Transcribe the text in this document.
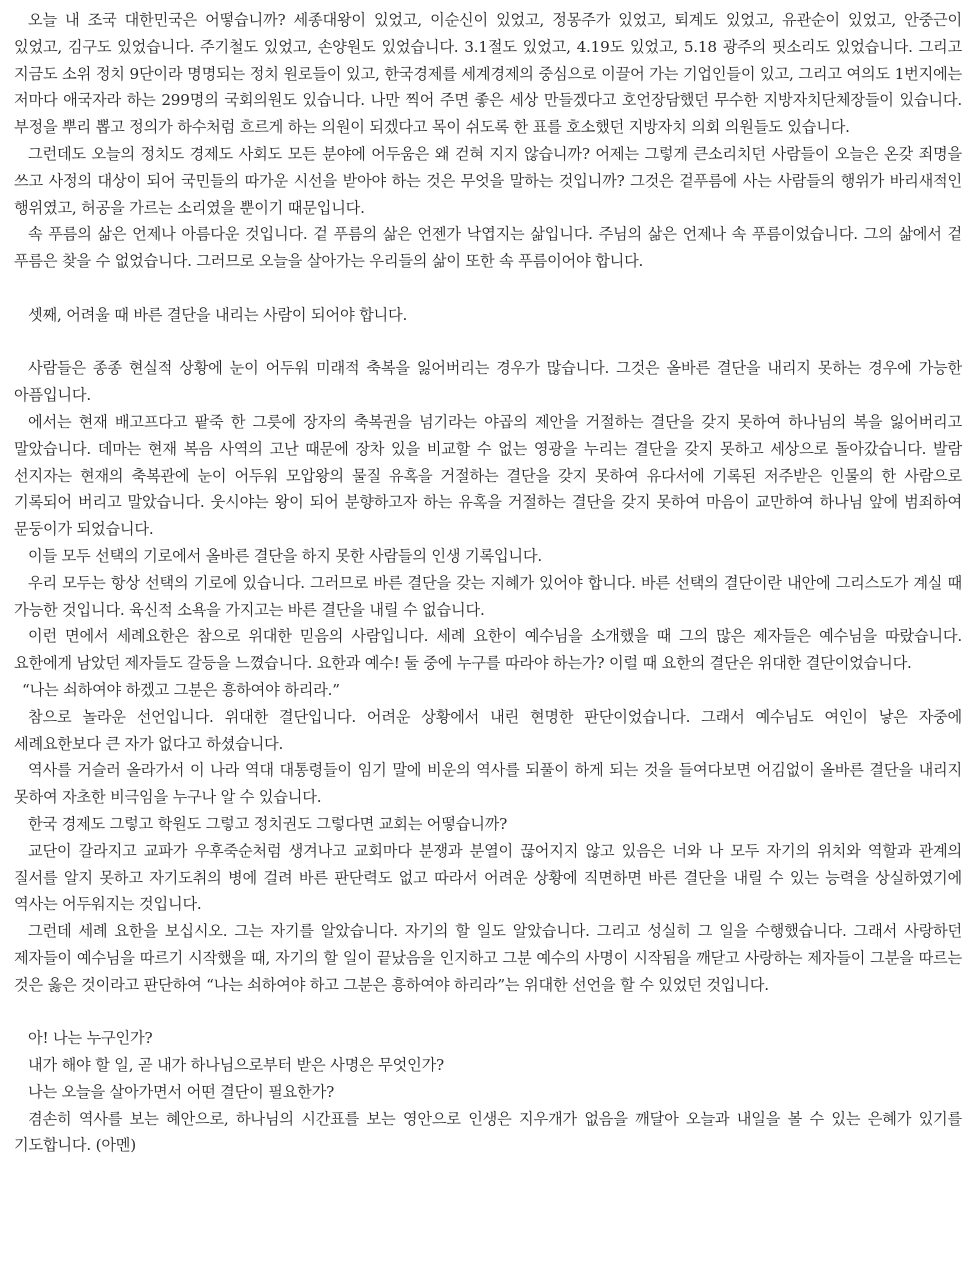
오늘 내 조국 대한민국은 어떻습니까? 세종대왕이 있었고, 이순신이 있었고, 정몽주가 있었고, 퇴계도 있었고, 유관순이 있었고, 안중근이 있었고, 김구도 있었습니다. 주기철도 있었고, 손양원도 있었습니다. 3.1절도 있었고, 4.19도 있었고, 5.18 광주의 핏소리도 있었습니다. 그리고 지금도 소위 정치 9단이라 명명되는 정치 원로들이 있고, 한국경제를 세계경제의 중심으로 이끌어 가는 기업인들이 있고, 그리고 여의도 1번지에는 저마다 애국자라 하는 299명의 국회의원도 있습니다. 나만 찍어 주면 좋은 세상 만들겠다고 호언장담했던 무수한 지방자치단체장들이 있습니다. 부정을 뿌리 뽑고 정의가 하수처럼 흐르게 하는 의원이 되겠다고 목이 쉬도록 한 표를 호소했던 지방자치 의회 의원들도 있습니다.

그런데도 오늘의 정치도 경제도 사회도 모든 분야에 어두움은 왜 걷혀 지지 않습니까? 어제는 그렇게 큰소리치던 사람들이 오늘은 온갖 죄명을 쓰고 사정의 대상이 되어 국민들의 따가운 시선을 받아야 하는 것은 무엇을 말하는 것입니까? 그것은 겉푸름에 사는 사람들의 행위가 바리새적인 행위였고, 허공을 가르는 소리였을 뿐이기 때문입니다.

속 푸름의 삶은 언제나 아름다운 것입니다. 겉 푸름의 삶은 언젠가 낙엽지는 삶입니다. 주님의 삶은 언제나 속 푸름이었습니다. 그의 삶에서 겉 푸름은 찾을 수 없었습니다. 그러므로 오늘을 살아가는 우리들의 삶이 또한 속 푸름이어야 합니다.

셋째, 어려울 때 바른 결단을 내리는 사람이 되어야 합니다.

사람들은 종종 현실적 상황에 눈이 어두워 미래적 축복을 잃어버리는 경우가 많습니다. 그것은 올바른 결단을 내리지 못하는 경우에 가능한 아픔입니다.

에서는 현재 배고프다고 팥죽 한 그릇에 장자의 축복권을 넘기라는 야곱의 제안을 거절하는 결단을 갖지 못하여 하나님의 복을 잃어버리고 말았습니다. 데마는 현재 복음 사역의 고난 때문에 장차 있을 비교할 수 없는 영광을 누리는 결단을 갖지 못하고 세상으로 돌아갔습니다. 발람 선지자는 현재의 축복관에 눈이 어두워 모압왕의 물질 유혹을 거절하는 결단을 갖지 못하여 유다서에 기록된 저주받은 인물의 한 사람으로 기록되어 버리고 말았습니다. 웃시야는 왕이 되어 분향하고자 하는 유혹을 거절하는 결단을 갖지 못하여 마음이 교만하여 하나님 앞에 범죄하여 문둥이가 되었습니다.

이들 모두 선택의 기로에서 올바른 결단을 하지 못한 사람들의 인생 기록입니다.

우리 모두는 항상 선택의 기로에 있습니다. 그러므로 바른 결단을 갖는 지혜가 있어야 합니다. 바른 선택의 결단이란 내안에 그리스도가 계실 때 가능한 것입니다. 육신적 소욕을 가지고는 바른 결단을 내릴 수 없습니다.

이런 면에서 세례요한은 참으로 위대한 믿음의 사람입니다. 세례 요한이 예수님을 소개했을 때 그의 많은 제자들은 예수님을 따랐습니다. 요한에게 남았던 제자들도 갈등을 느꼈습니다. 요한과 예수! 둘 중에 누구를 따라야 하는가? 이럴 때 요한의 결단은 위대한 결단이었습니다.

“나는 쇠하여야 하겠고 그분은 흥하여야 하리라.”

참으로 놀라운 선언입니다. 위대한 결단입니다. 어려운 상황에서 내린 현명한 판단이었습니다. 그래서 예수님도 여인이 낳은 자중에 세례요한보다 큰 자가 없다고 하셨습니다.

역사를 거슬러 올라가서 이 나라 역대 대통령들이 임기 말에 비운의 역사를 되풀이 하게 되는 것을 들여다보면 어김없이 올바른 결단을 내리지 못하여 자초한 비극임을 누구나 알 수 있습니다.

한국 경제도 그렇고 학원도 그렇고 정치권도 그렇다면 교회는 어떻습니까?

교단이 갈라지고 교파가 우후죽순처럼 생겨나고 교회마다 분쟁과 분열이 끊어지지 않고 있음은 너와 나 모두 자기의 위치와 역할과 관계의 질서를 알지 못하고 자기도취의 병에 걸려 바른 판단력도 없고 따라서 어려운 상황에 직면하면 바른 결단을 내릴 수 있는 능력을 상실하였기에 역사는 어두워지는 것입니다.

그런데 세례 요한을 보십시오. 그는 자기를 알았습니다. 자기의 할 일도 알았습니다. 그리고 성실히 그 일을 수행했습니다. 그래서 사랑하던 제자들이 예수님을 따르기 시작했을 때, 자기의 할 일이 끝났음을 인지하고 그분 예수의 사명이 시작됨을 깨닫고 사랑하는 제자들이 그분을 따르는 것은 옳은 것이라고 판단하여 “나는 쇠하여야 하고 그분은 흥하여야 하리라”는 위대한 선언을 할 수 있었던 것입니다.

아! 나는 누구인가?

내가 해야 할 일, 곧 내가 하나님으로부터 받은 사명은 무엇인가?

나는 오늘을 살아가면서 어떤 결단이 필요한가?

겸손히 역사를 보는 혜안으로, 하나님의 시간표를 보는 영안으로 인생은 지우개가 없음을 깨달아 오늘과 내일을 볼 수 있는 은혜가 있기를 기도합니다. (아멘)
